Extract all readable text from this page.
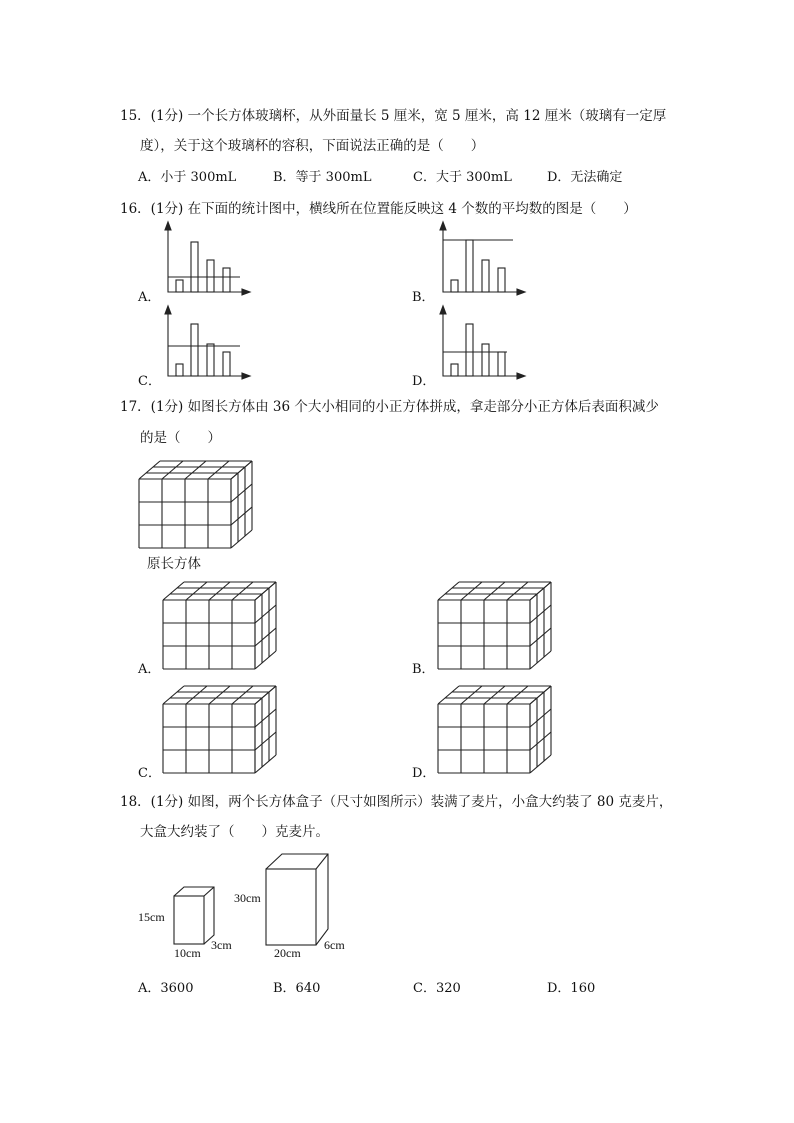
15．(1分) 一个长方体玻璃杯，从外面量长 5 厘米，宽 5 厘米，高 12 厘米（玻璃有一定厚
度），关于这个玻璃杯的容积，下面说法正确的是（　　）
A．小于 300mL	B．等于 300mL	C．大于 300mL	D．无法确定
16．(1分) 在下面的统计图中，横线所在位置能反映这 4 个数的平均数的图是（　　）
A．	B．
C．	D．
17．(1分) 如图长方体由 36 个大小相同的小正方体拼成，拿走部分小正方体后表面积减少
的是（　　）
原长方体
A．	B．
C．	D．
18．(1分) 如图，两个长方体盒子（尺寸如图所示）装满了麦片，小盒大约装了 80 克麦片，
大盒大约装了（　　）克麦片。
15cm
10cm
3cm
30cm
20cm
6cm
A．3600	B．640	C．320	D．160
